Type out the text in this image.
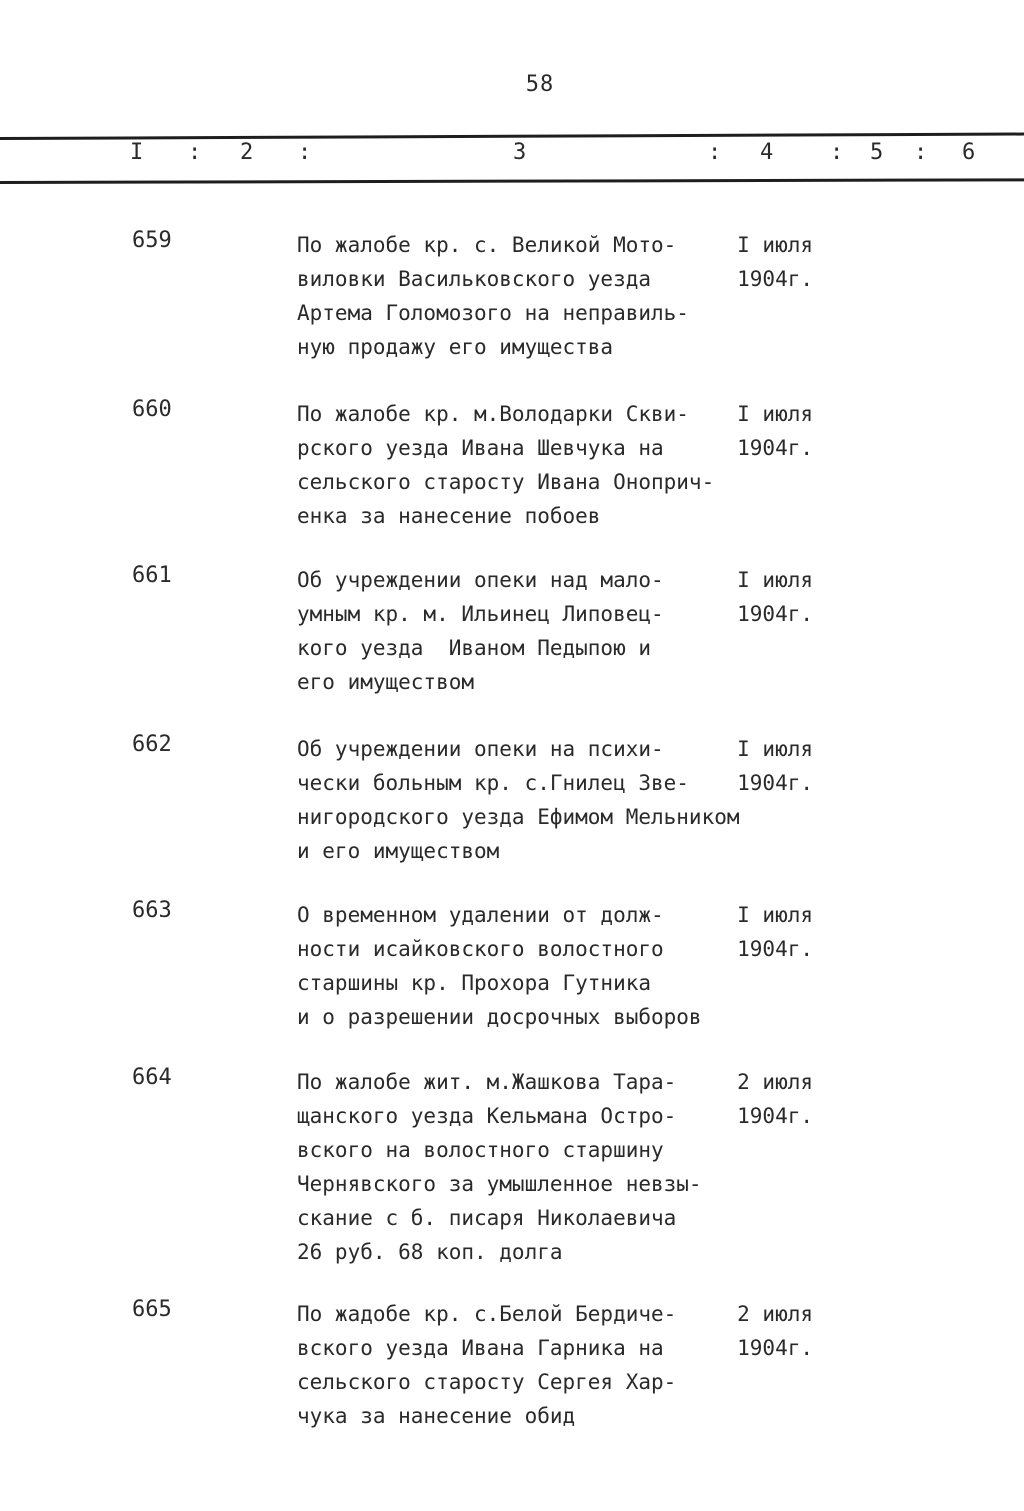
58
I : 2 :	3	: 4	: 5 : 6
659	По жалобе кр. с. Великой Мото-
виловки Васильковского уезда
Артема Голомозого на неправиль-
ную продажу его имущества
I июля
1904г.
660	По жалобе кр. м.Володарки Скви-
рского уезда Ивана Шевчука на
сельского старосту Ивана Оноприч-
енка за нанесение побоев
I июля
1904г.
661	Об учреждении опеки над мало-
умным кр. м. Ильинец Липовец-
кого уезда  Иваном Педыпою и
его имуществом
I июля
1904г.
662	Об учреждении опеки на психи-
чески больным кр. с.Гнилец Зве-
нигородского уезда Ефимом Мельником
и его имуществом
I июля
1904г.
663	О временном удалении от долж-
ности исайковского волостного
старшины кр. Прохора Гутника
и о разрешении досрочных выборов
I июля
1904г.
664	По жалобе жит. м.Жашкова Тара-
щанского уезда Кельмана Остро-
вского на волостного старшину
Чернявского за умышленное невзы-
скание с б. писаря Николаевича
26 руб. 68 коп. долга
2 июля
1904г.
665	По жадобе кр. с.Белой Бердиче-
вского уезда Ивана Гарника на
сельского старосту Сергея Хар-
чука за нанесение обид
2 июля
1904г.
